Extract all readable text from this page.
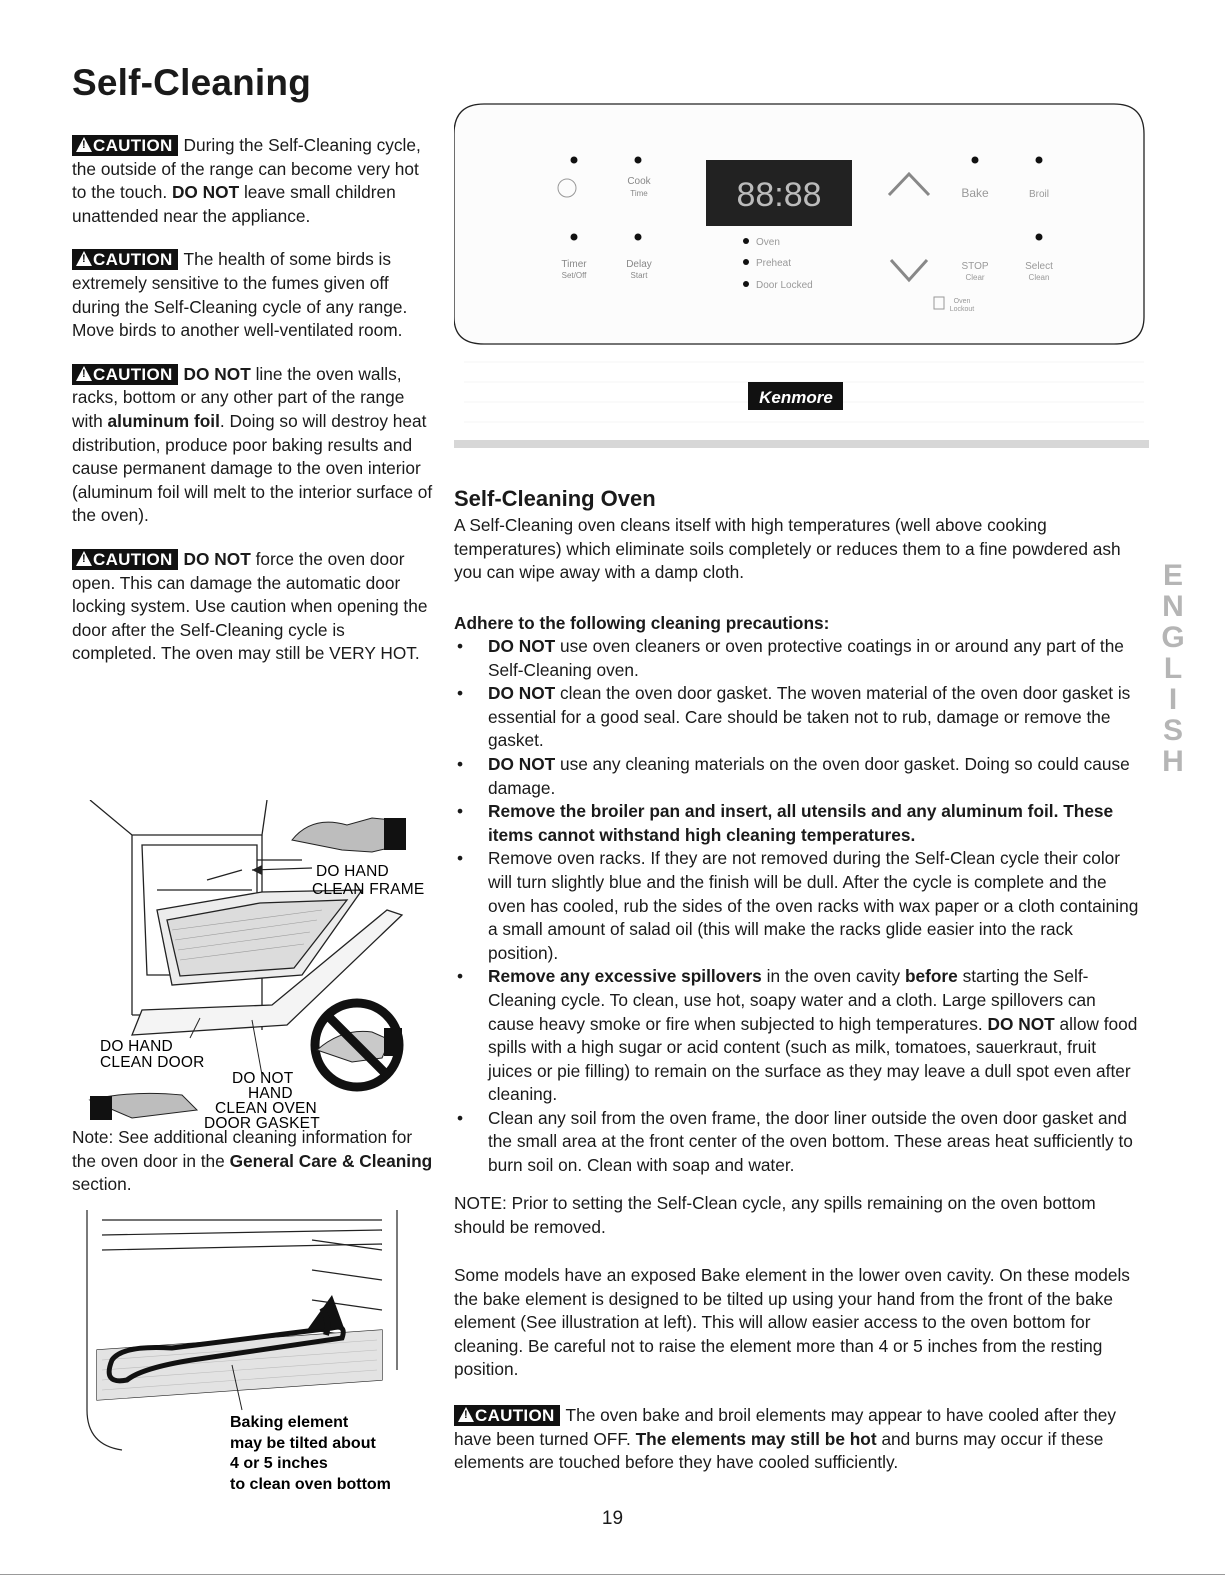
Self-Cleaning

!CAUTION During the Self-Cleaning cycle, the outside of the range can become very hot to the touch. DO NOT leave small children unattended near the appliance.

!CAUTION The health of some birds is extremely sensitive to the fumes given off during the Self-Cleaning cycle of any range. Move birds to another well-ventilated room.

!CAUTION DO NOT line the oven walls, racks, bottom or any other part of the range with aluminum foil. Doing so will destroy heat distribution, produce poor baking results and cause permanent damage to the oven interior (aluminum foil will melt to the interior surface of the oven).

!CAUTION DO NOT force the oven door open. This can damage the automatic door locking system. Use caution when opening the door after the Self-Cleaning cycle is completed. The oven may still be VERY HOT.

DO HAND
CLEAN FRAME
DO HAND
CLEAN DOOR
DO NOT
HAND
CLEAN OVEN
DOOR GASKET
Note: See additional cleaning information for the oven door in the General Care & Cleaning section.
Baking element
may be tilted about
4 or 5 inches
to clean oven bottom
Cook
Time
Timer
Set/Off
Delay
Start
88:88
Oven
Preheat
Door Locked
Bake	Broil
STOP
Clear
Select
Clean
Oven
Lockout
Kenmore
Self-Cleaning Oven
A Self-Cleaning oven cleans itself with high temperatures (well above cooking temperatures) which eliminate soils completely or reduces them to a fine powdered ash you can wipe away with a damp cloth.
Adhere to the following cleaning precautions:
• DO NOT use oven cleaners or oven protective coatings in or around any part of the Self-Cleaning oven.
• DO NOT clean the oven door gasket. The woven material of the oven door gasket is essential for a good seal. Care should be taken not to rub, damage or remove the gasket.
• DO NOT use any cleaning materials on the oven door gasket. Doing so could cause damage.
• Remove the broiler pan and insert, all utensils and any aluminum foil. These items cannot withstand high cleaning temperatures.
• Remove oven racks. If they are not removed during the Self-Clean cycle their color will turn slightly blue and the finish will be dull. After the cycle is complete and the oven has cooled, rub the sides of the oven racks with wax paper or a cloth containing a small amount of salad oil (this will make the racks glide easier into the rack position).
• Remove any excessive spillovers in the oven cavity before starting the Self-Cleaning cycle. To clean, use hot, soapy water and a cloth. Large spillovers can cause heavy smoke or fire when subjected to high temperatures. DO NOT allow food spills with a high sugar or acid content (such as milk, tomatoes, sauerkraut, fruit juices or pie filling) to remain on the surface as they may leave a dull spot even after cleaning.
• Clean any soil from the oven frame, the door liner outside the oven door gasket and the small area at the front center of the oven bottom. These areas heat sufficiently to burn soil on. Clean with soap and water.
NOTE: Prior to setting the Self-Clean cycle, any spills remaining on the oven bottom should be removed.
Some models have an exposed Bake element in the lower oven cavity. On these models the bake element is designed to be tilted up using your hand from the front of the bake element (See illustration at left). This will allow easier access to the oven bottom for cleaning. Be careful not to raise the element more than 4 or 5 inches from the resting position.
!CAUTION The oven bake and broil elements may appear to have cooled after they have been turned OFF. The elements may still be hot and burns may occur if these elements are touched before they have cooled sufficiently.
E
N
G
L
I
S
H
19
